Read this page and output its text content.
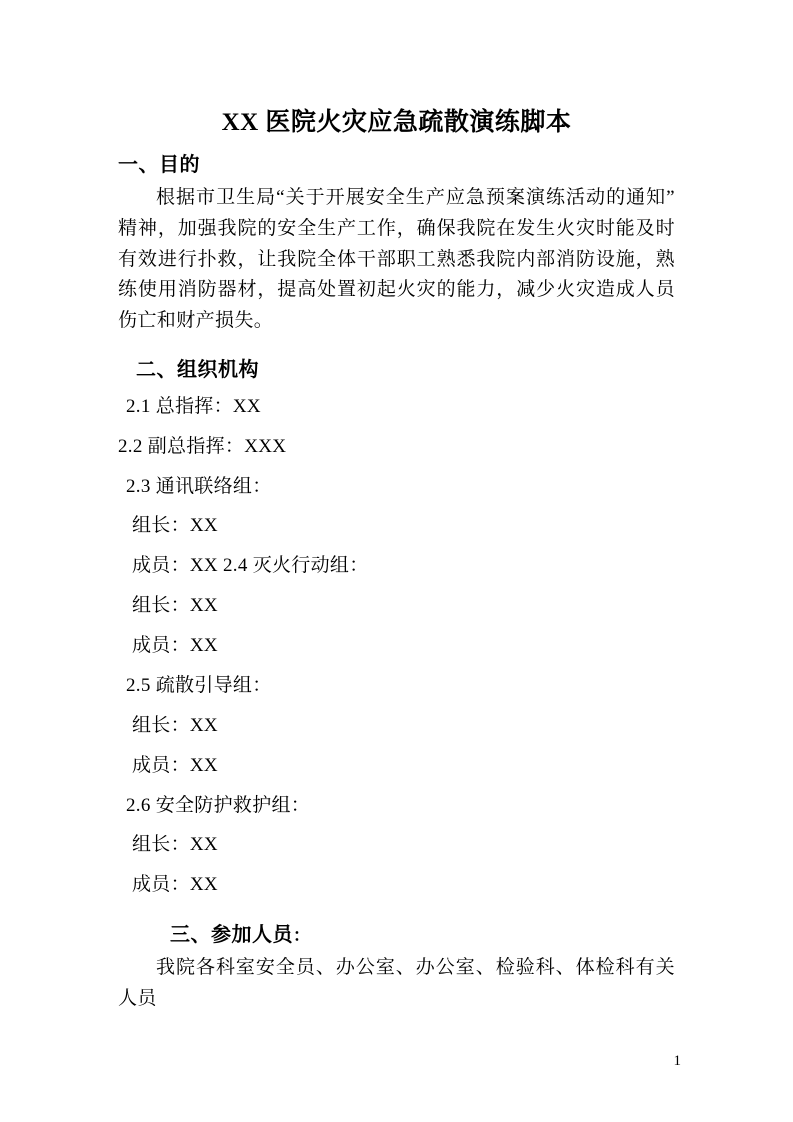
XX 医院火灾应急疏散演练脚本
一、目的

根据市卫生局“关于开展安全生产应急预案演练活动的通知”精神，加强我院的安全生产工作，确保我院在发生火灾时能及时有效进行扑救，让我院全体干部职工熟悉我院内部消防设施，熟练使用消防器材，提高处置初起火灾的能力，减少火灾造成人员伤亡和财产损失。

二、组织机构
2.1 总指挥：XX
2.2 副总指挥：XXX
2.3 通讯联络组：
组长：XX
成员：XX 2.4 灭火行动组：
组长：XX
成员：XX
2.5 疏散引导组：
组长：XX
成员：XX
2.6 安全防护救护组：
组长：XX
成员：XX
三、参加人员：

我院各科室安全员、办公室、办公室、检验科、体检科有关人员

1
